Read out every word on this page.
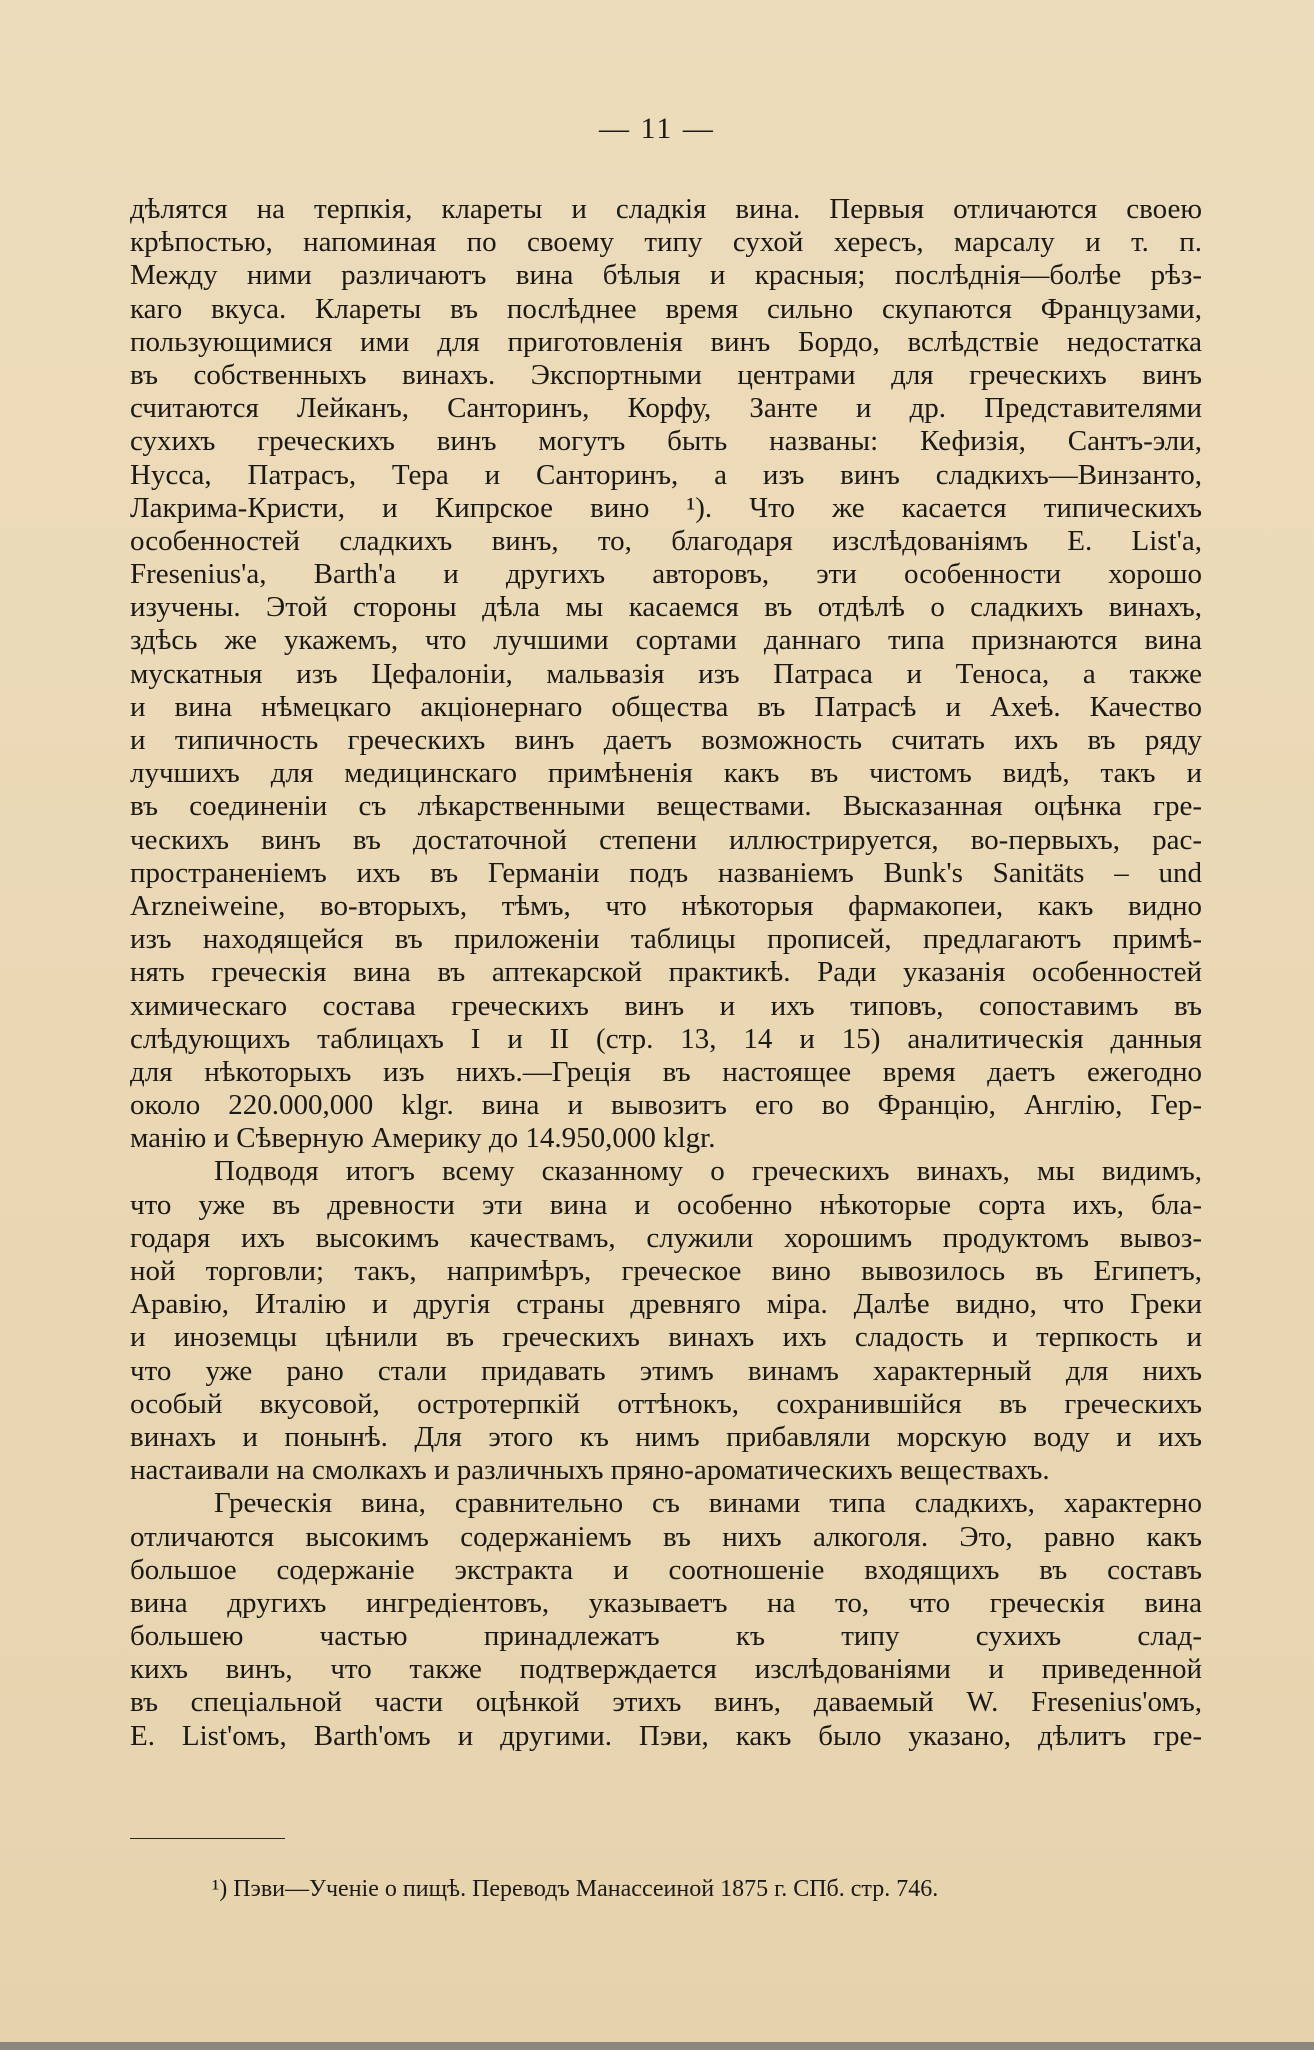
— 11 —
дѣлятся на терпкія, клареты и сладкія вина. Первыя отличаются своею
крѣпостью, напоминая по своему типу сухой хересъ, марсалу и т. п.
Между ними различаютъ вина бѣлыя и красныя; послѣднія—болѣе рѣз-
каго вкуса. Клареты въ послѣднее время сильно скупаются Французами,
пользующимися ими для приготовленія винъ Бордо, вслѣдствіе недостатка
въ собственныхъ винахъ. Экспортными центрами для греческихъ винъ
считаются Лейканъ, Санторинъ, Корфу, Занте и др. Представителями
сухихъ греческихъ винъ могутъ быть названы: Кефизія, Сантъ-эли,
Нусса, Патрасъ, Тера и Санторинъ, а изъ винъ сладкихъ—Винзанто,
Лакрима-Кристи, и Кипрское вино ¹). Что же касается типическихъ
особенностей сладкихъ винъ, то, благодаря изслѣдованіямъ E. List'а,
Fresenius'а, Barth'а и другихъ авторовъ, эти особенности хорошо
изучены. Этой стороны дѣла мы касаемся въ отдѣлѣ о сладкихъ винахъ,
здѣсь же укажемъ, что лучшими сортами даннаго типа признаются вина
мускатныя изъ Цефалоніи, мальвазія изъ Патраса и Теноса, а также
и вина нѣмецкаго акціонернаго общества въ Патрасѣ и Ахеѣ. Качество
и типичность греческихъ винъ даетъ возможность считать ихъ въ ряду
лучшихъ для медицинскаго примѣненія какъ въ чистомъ видѣ, такъ и
въ соединеніи съ лѣкарственными веществами. Высказанная оцѣнка гре-
ческихъ винъ въ достаточной степени иллюстрируется, во-первыхъ, рас-
пространеніемъ ихъ въ Германіи подъ названіемъ Bunk's Sanitäts – und
Arzneiweine, во-вторыхъ, тѣмъ, что нѣкоторыя фармакопеи, какъ видно
изъ находящейся въ приложеніи таблицы прописей, предлагаютъ примѣ-
нять греческія вина въ аптекарской практикѣ. Ради указанія особенностей
химическаго состава греческихъ винъ и ихъ типовъ, сопоставимъ въ
слѣдующихъ таблицахъ I и II (стр. 13, 14 и 15) аналитическія данныя
для нѣкоторыхъ изъ нихъ.—Греція въ настоящее время даетъ ежегодно
около 220.000,000 klgr. вина и вывозитъ его во Францію, Англію, Гер-
манію и Сѣверную Америку до 14.950,000 klgr.
Подводя итогъ всему сказанному о греческихъ винахъ, мы видимъ,
что уже въ древности эти вина и особенно нѣкоторые сорта ихъ, бла-
годаря ихъ высокимъ качествамъ, служили хорошимъ продуктомъ вывоз-
ной торговли; такъ, напримѣръ, греческое вино вывозилось въ Египетъ,
Аравію, Италію и другія страны древняго міра. Далѣе видно, что Греки
и иноземцы цѣнили въ греческихъ винахъ ихъ сладость и терпкость и
что уже рано стали придавать этимъ винамъ характерный для нихъ
особый вкусовой, остротерпкій оттѣнокъ, сохранившійся въ греческихъ
винахъ и понынѣ. Для этого къ нимъ прибавляли морскую воду и ихъ
настаивали на смолкахъ и различныхъ пряно-ароматическихъ веществахъ.
Греческія вина, сравнительно съ винами типа сладкихъ, характерно
отличаются высокимъ содержаніемъ въ нихъ алкоголя. Это, равно какъ
большое содержаніе экстракта и соотношеніе входящихъ въ составъ
вина другихъ ингредіентовъ, указываетъ на то, что греческія вина
большею частью принадлежатъ къ типу сухихъ слад-
кихъ винъ, что также подтверждается изслѣдованіями и приведенной
въ спеціальной части оцѣнкой этихъ винъ, даваемый W. Fresenius'омъ,
E. List'омъ, Barth'омъ и другими. Пэви, какъ было указано, дѣлитъ гре-
¹) Пэви—Ученіе о пищѣ. Переводъ Манассеиной 1875 г. СПб. стр. 746.
